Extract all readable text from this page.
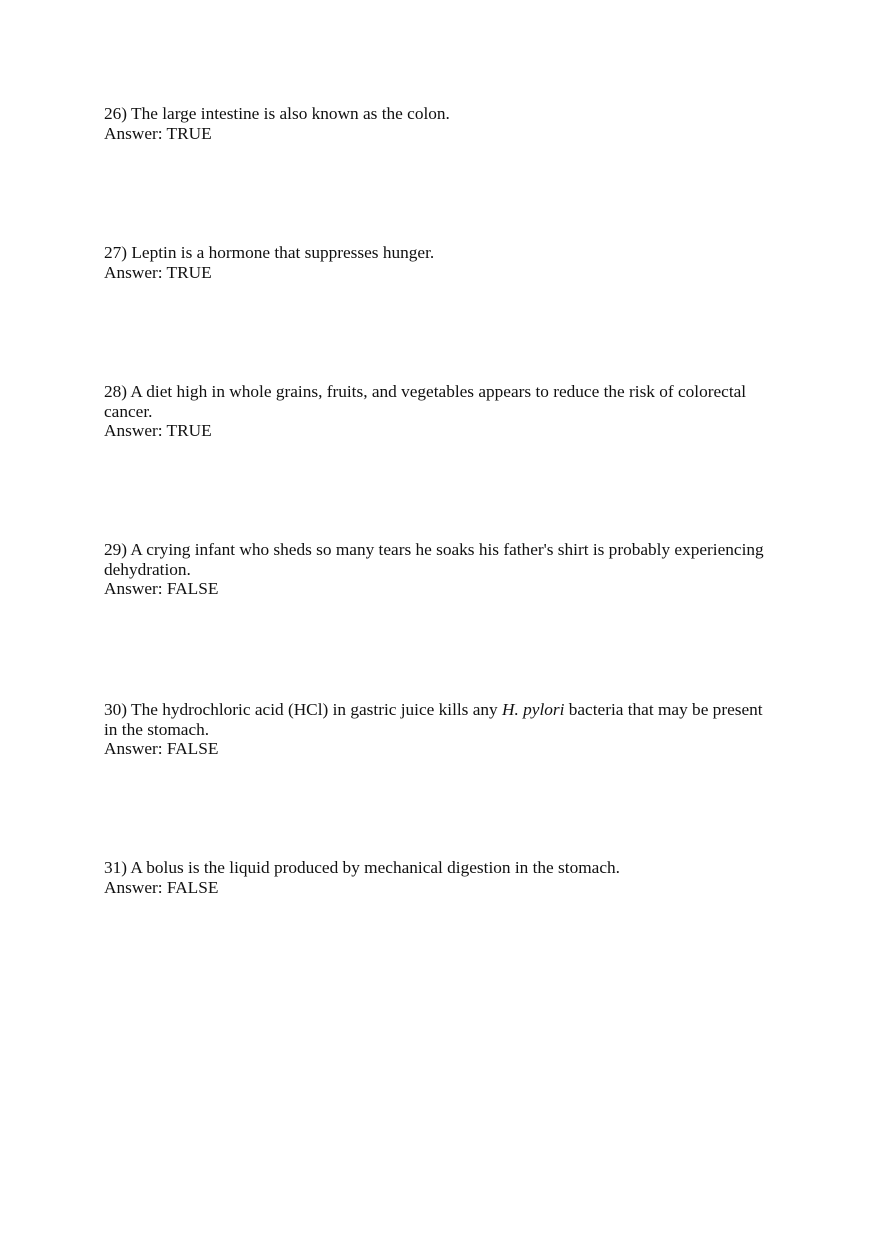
26) The large intestine is also known as the colon.
Answer: TRUE
27) Leptin is a hormone that suppresses hunger.
Answer: TRUE
28) A diet high in whole grains, fruits, and vegetables appears to reduce the risk of colorectal
cancer.
Answer: TRUE
29) A crying infant who sheds so many tears he soaks his father's shirt is probably experiencing
dehydration.
Answer: FALSE
30) The hydrochloric acid (HCl) in gastric juice kills any H. pylori bacteria that may be present
in the stomach.
Answer: FALSE
31) A bolus is the liquid produced by mechanical digestion in the stomach.
Answer: FALSE
